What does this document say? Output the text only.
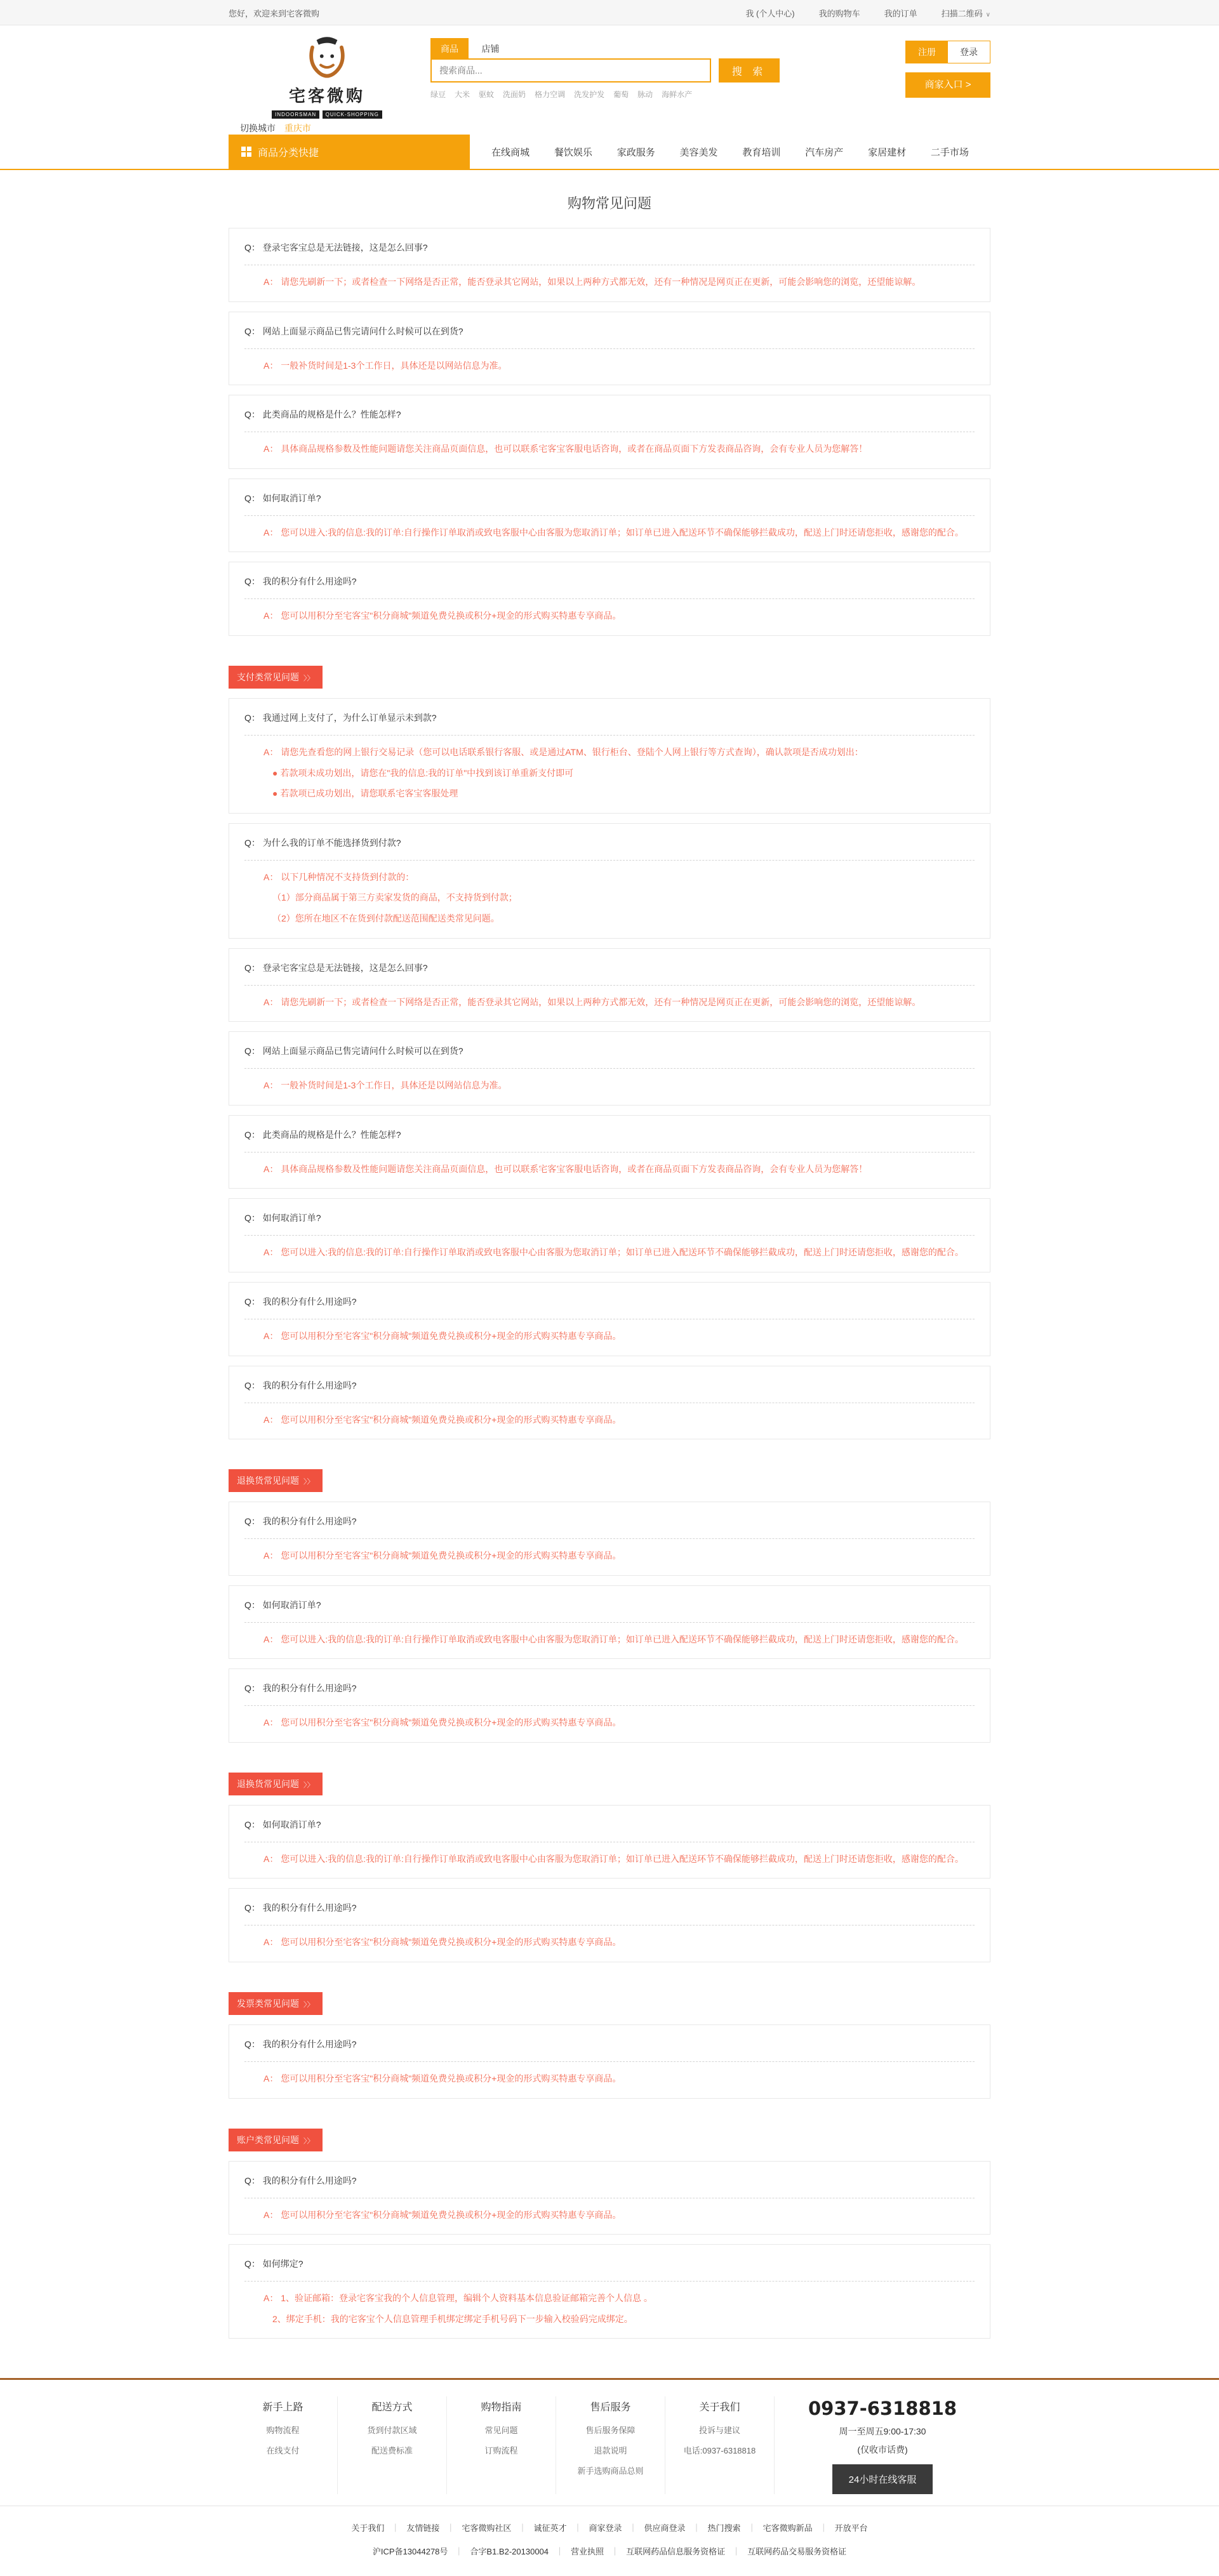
您好，欢迎来到宅客微购	我 (个人中心)	我的购物车	我的订单	扫描二维码 ∨
宅客微购
INDOORSMAN QUICK-SHOPPING
切换城市 重庆市
商品	店铺
搜索商品...
搜 索
绿豆 大米 驱蚊 洗面奶 格力空调 洗发护发 葡萄 脉动 海鲜水产
注册	登录
商家入口 >
商品分类快捷	在线商城	餐饮娱乐	家政服务	美容美发	教育培训	汽车房产	家居建材	二手市场
购物常见问题
Q： 登录宅客宝总是无法链接，这是怎么回事?
A： 请您先刷新一下；或者检查一下网络是否正常，能否登录其它网站，如果以上两种方式都无效，还有一种情况是网页正在更新，可能会影响您的浏览，还望能谅解。
Q： 网站上面显示商品已售完请问什么时候可以在到货?
A： 一般补货时间是1-3个工作日，具体还是以网站信息为准。
Q： 此类商品的规格是什么？性能怎样?
A： 具体商品规格参数及性能问题请您关注商品页面信息，也可以联系宅客宝客服电话咨询，或者在商品页面下方发表商品咨询，会有专业人员为您解答！
Q： 如何取消订单?
A： 您可以进入:我的信息:我的订单:自行操作订单取消或致电客服中心由客服为您取消订单；如订单已进入配送环节不确保能够拦截成功，配送上门时还请您拒收，感谢您的配合。
Q： 我的积分有什么用途吗?
A： 您可以用积分至宅客宝"积分商城"频道免费兑换或积分+现金的形式购买特惠专享商品。
支付类常见问题 〉〉
Q： 我通过网上支付了，为什么订单显示未到款?
A： 请您先查看您的网上银行交易记录（您可以电话联系银行客服、或是通过ATM、银行柜台、登陆个人网上银行等方式查询），确认款项是否成功划出：
● 若款项未成功划出，请您在"我的信息:我的订单"中找到该订单重新支付即可
● 若款项已成功划出，请您联系宅客宝客服处理
Q： 为什么我的订单不能选择货到付款?
A： 以下几种情况不支持货到付款的：
（1）部分商品属于第三方卖家发货的商品，不支持货到付款；
（2）您所在地区不在货到付款配送范围配送类常见问题。
Q： 登录宅客宝总是无法链接，这是怎么回事?
A： 请您先刷新一下；或者检查一下网络是否正常，能否登录其它网站，如果以上两种方式都无效，还有一种情况是网页正在更新，可能会影响您的浏览，还望能谅解。
Q： 网站上面显示商品已售完请问什么时候可以在到货?
A： 一般补货时间是1-3个工作日，具体还是以网站信息为准。
Q： 此类商品的规格是什么？性能怎样?
A： 具体商品规格参数及性能问题请您关注商品页面信息，也可以联系宅客宝客服电话咨询，或者在商品页面下方发表商品咨询，会有专业人员为您解答！
Q： 如何取消订单?
A： 您可以进入:我的信息:我的订单:自行操作订单取消或致电客服中心由客服为您取消订单；如订单已进入配送环节不确保能够拦截成功，配送上门时还请您拒收，感谢您的配合。
Q： 我的积分有什么用途吗?
A： 您可以用积分至宅客宝"积分商城"频道免费兑换或积分+现金的形式购买特惠专享商品。
Q： 我的积分有什么用途吗?
A： 您可以用积分至宅客宝"积分商城"频道免费兑换或积分+现金的形式购买特惠专享商品。
退换货常见问题 〉〉
Q： 我的积分有什么用途吗?
A： 您可以用积分至宅客宝"积分商城"频道免费兑换或积分+现金的形式购买特惠专享商品。
Q： 如何取消订单?
A： 您可以进入:我的信息:我的订单:自行操作订单取消或致电客服中心由客服为您取消订单；如订单已进入配送环节不确保能够拦截成功，配送上门时还请您拒收，感谢您的配合。
Q： 我的积分有什么用途吗?
A： 您可以用积分至宅客宝"积分商城"频道免费兑换或积分+现金的形式购买特惠专享商品。
退换货常见问题 〉〉
Q： 如何取消订单?
A： 您可以进入:我的信息:我的订单:自行操作订单取消或致电客服中心由客服为您取消订单；如订单已进入配送环节不确保能够拦截成功，配送上门时还请您拒收，感谢您的配合。
Q： 我的积分有什么用途吗?
A： 您可以用积分至宅客宝"积分商城"频道免费兑换或积分+现金的形式购买特惠专享商品。
发票类常见问题 〉〉
Q： 我的积分有什么用途吗?
A： 您可以用积分至宅客宝"积分商城"频道免费兑换或积分+现金的形式购买特惠专享商品。
账户类常见问题 〉〉
Q： 我的积分有什么用途吗?
A： 您可以用积分至宅客宝"积分商城"频道免费兑换或积分+现金的形式购买特惠专享商品。
Q： 如何绑定?
A： 1、验证邮箱：登录宅客宝我的个人信息管理，编辑个人资料基本信息验证邮箱完善个人信息 。
2、绑定手机：我的宅客宝个人信息管理手机绑定绑定手机号码下一步输入校验码完成绑定。
新手上路
购物流程
在线支付
配送方式
货到付款区域
配送费标准
购物指南
常见问题
订购流程
售后服务
售后服务保障
退款说明
新手选购商品总则
关于我们
投诉与建议
电话:0937-6318818
0937-6318818
周一至周五9:00-17:30
(仅收市话费)
24小时在线客服
关于我们 ｜ 友情链接 ｜ 宅客微购社区 ｜ 诚征英才 ｜ 商家登录 ｜ 供应商登录 ｜ 热门搜索 ｜ 宅客微购新品 ｜ 开放平台
沪ICP备13044278号 ｜ 合字B1.B2-20130004 ｜ 营业执照 ｜ 互联网药品信息服务资格证 ｜ 互联网药品交易服务资格证
